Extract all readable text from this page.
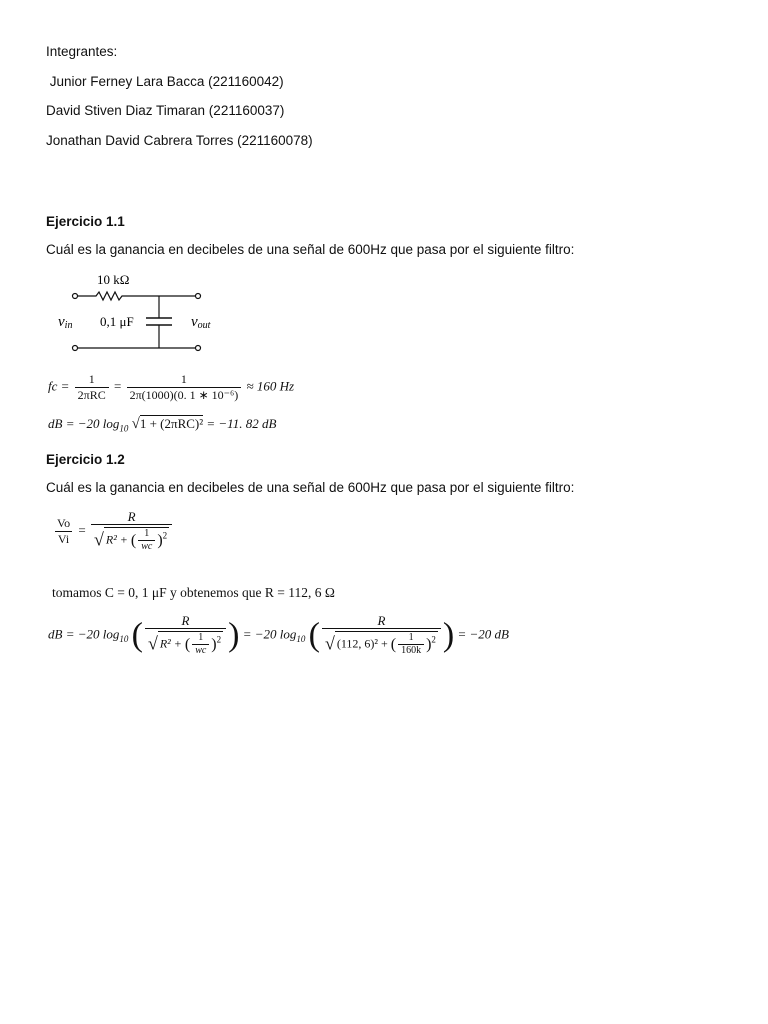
Integrantes:
Junior Ferney Lara Bacca (221160042)
David Stiven Diaz Timaran (221160037)
Jonathan David Cabrera Torres (221160078)
Ejercicio 1.1
Cuál es la ganancia en decibeles de una señal de 600Hz que pasa por el siguiente filtro:
10 kΩ
0,1 μF
vin	vout
fc = $\frac{1}{\text{2πRC}} = \frac{1}{\text{2π(1000)(0. 1 ∗ 10⁻⁶)}} \approx 160$ Hz
dB = −20 $\log_{10} √1 + (2\pi RC)^2 = -11$. 82 dB
Ejercicio 1.2
Cuál es la ganancia en decibeles de una señal de 600Hz que pasa por el siguiente filtro:
$\frac{Vo}{Vi} = \frac{R}{√ R^2 + ( \frac{1}{wc} )^2}$
tomamos C = 0, 1 μF y obtenemos que R = 112, 6 Ω
dB = −20 $\log_{10}$ ( $\frac{R}{√ R^2 + ( \frac{1}{wc} )^2}$ ) = −20 $\log_{10}$ ( $\frac{R}{√ (112, 6)^2 + ( \frac{1}{160k} )^2}$ ) = −20 dB
